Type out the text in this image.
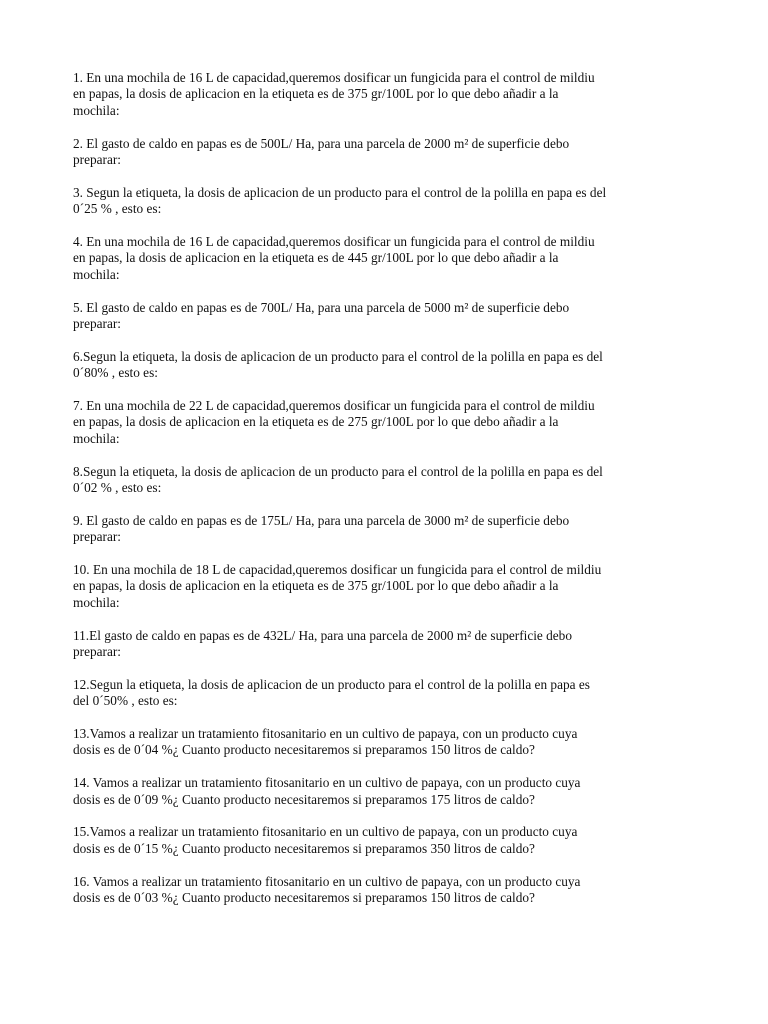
1. En una mochila de 16 L de capacidad,queremos dosificar un fungicida para el control de mildiu
en papas, la dosis de aplicacion en la etiqueta es de 375 gr/100L por lo que debo añadir a la
mochila:
2. El gasto de caldo en papas es de 500L/ Ha, para una parcela de 2000 m² de superficie debo
preparar:
3. Segun la etiqueta, la dosis de aplicacion de un producto para el control de la polilla en papa es del
0´25 % , esto es:
4. En una mochila de 16 L de capacidad,queremos dosificar un fungicida para el control de mildiu
en papas, la dosis de aplicacion en la etiqueta es de 445 gr/100L por lo que debo añadir a la
mochila:
5. El gasto de caldo en papas es de 700L/ Ha, para una parcela de 5000 m² de superficie debo
preparar:
6.Segun la etiqueta, la dosis de aplicacion de un producto para el control de la polilla en papa es del
0´80% , esto es:
7. En una mochila de 22 L de capacidad,queremos dosificar un fungicida para el control de mildiu
en papas, la dosis de aplicacion en la etiqueta es de 275 gr/100L por lo que debo añadir a la
mochila:
8.Segun la etiqueta, la dosis de aplicacion de un producto para el control de la polilla en papa es del
0´02 % , esto es:
9. El gasto de caldo en papas es de 175L/ Ha, para una parcela de 3000 m² de superficie debo
preparar:
10. En una mochila de 18 L de capacidad,queremos dosificar un fungicida para el control de mildiu
en papas, la dosis de aplicacion en la etiqueta es de 375 gr/100L por lo que debo añadir a la
mochila:
11.El gasto de caldo en papas es de 432L/ Ha, para una parcela de 2000 m² de superficie debo
preparar:
12.Segun la etiqueta, la dosis de aplicacion de un producto para el control de la polilla en papa es
del 0´50% , esto es:
13.Vamos a realizar un tratamiento fitosanitario en un cultivo de papaya, con un producto cuya
dosis es de 0´04 %¿ Cuanto producto necesitaremos si preparamos 150 litros de caldo?
14. Vamos a realizar un tratamiento fitosanitario en un cultivo de papaya, con un producto cuya
dosis es de 0´09 %¿ Cuanto producto necesitaremos si preparamos 175 litros de caldo?
15.Vamos a realizar un tratamiento fitosanitario en un cultivo de papaya, con un producto cuya
dosis es de 0´15 %¿ Cuanto producto necesitaremos si preparamos 350 litros de caldo?
16. Vamos a realizar un tratamiento fitosanitario en un cultivo de papaya, con un producto cuya
dosis es de 0´03 %¿ Cuanto producto necesitaremos si preparamos 150 litros de caldo?
